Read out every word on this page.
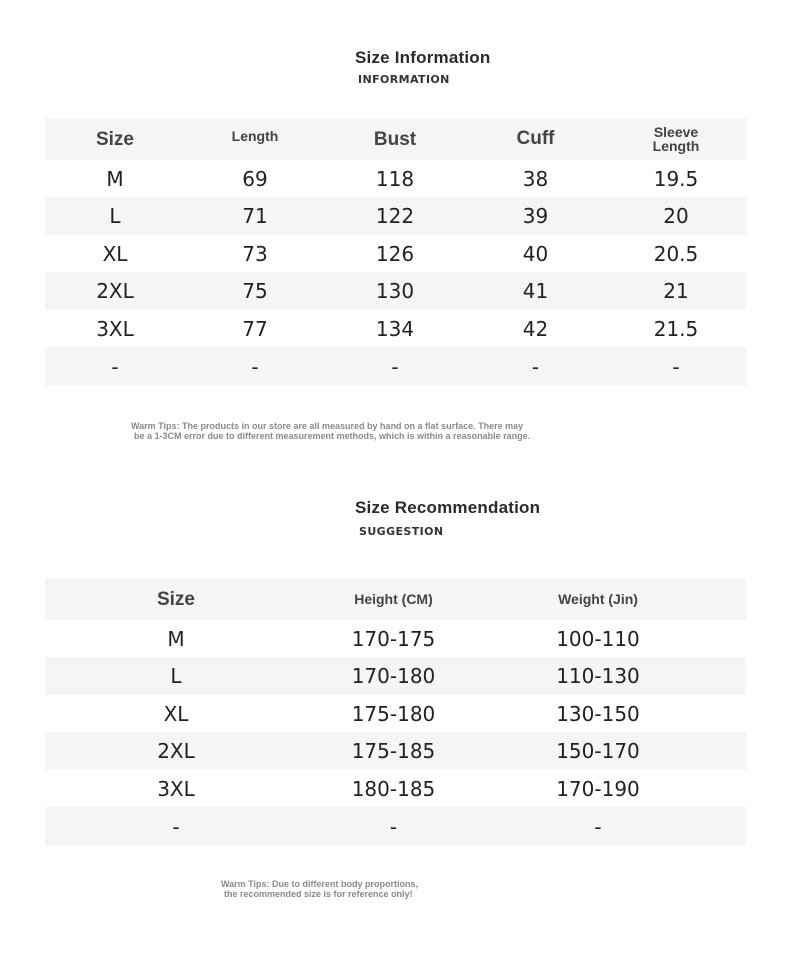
Size Information
INFORMATION
Size	Length	Bust	Cuff	Sleeve Length
M	69	118	38	19.5
L	71	122	39	20
XL	73	126	40	20.5
2XL	75	130	41	21
3XL	77	134	42	21.5
-	-	-	-	-
Warm Tips: The products in our store are all measured by hand on a flat surface. There may
be a 1-3CM error due to different measurement methods, which is within a reasonable range.
Size Recommendation
SUGGESTION
Size	Height (CM)	Weight (Jin)
M	170-175	100-110
L	170-180	110-130
XL	175-180	130-150
2XL	175-185	150-170
3XL	180-185	170-190
-	-	-
Warm Tips: Due to different body proportions,
the recommended size is for reference only!
